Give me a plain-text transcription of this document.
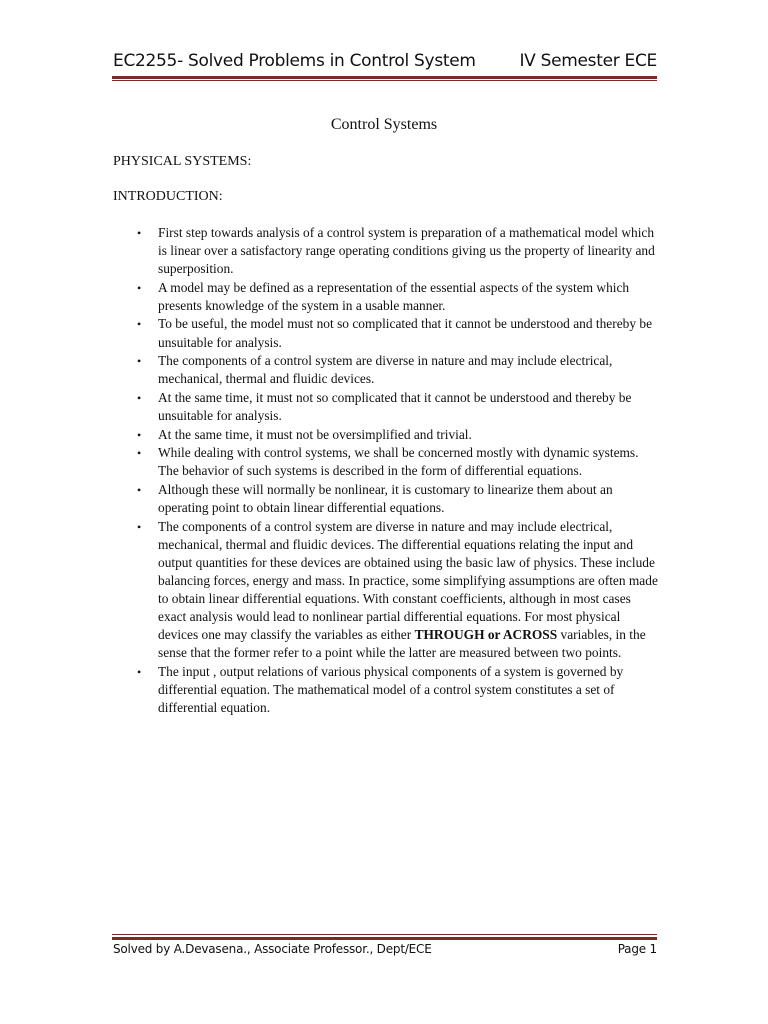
EC2255- Solved Problems in Control System	IV Semester ECE
Control Systems
PHYSICAL SYSTEMS:
INTRODUCTION:
• First step towards analysis of a control system is preparation of a mathematical model which is linear over a satisfactory range operating conditions giving us the property of linearity and superposition.
• A model may be defined as a representation of the essential aspects of the system which presents knowledge of the system in a usable manner.
• To be useful, the model must not so complicated that it cannot be understood and thereby be unsuitable for analysis.
• The components of a control system are diverse in nature and may include electrical, mechanical, thermal and fluidic devices.
• At the same time, it must not so complicated that it cannot be understood and thereby be unsuitable for analysis.
• At the same time, it must not be oversimplified and trivial.
• While dealing with control systems, we shall be concerned mostly with dynamic systems. The behavior of such systems is described in the form of differential equations.
• Although these will normally be nonlinear, it is customary to linearize them about an operating point to obtain linear differential equations.
• The components of a control system are diverse in nature and may include electrical, mechanical, thermal and fluidic devices. The differential equations relating the input and output quantities for these devices are obtained using the basic law of physics. These include balancing forces, energy and mass. In practice, some simplifying assumptions are often made to obtain linear differential equations. With constant coefficients, although in most cases exact analysis would lead to nonlinear partial differential equations. For most physical devices one may classify the variables as either THROUGH or ACROSS variables, in the sense that the former refer to a point while the latter are measured between two points.
• The input , output relations of various physical components of a system is governed by differential equation. The mathematical model of a control system constitutes a set of differential equation.
Solved by A.Devasena., Associate Professor., Dept/ECE	Page 1
